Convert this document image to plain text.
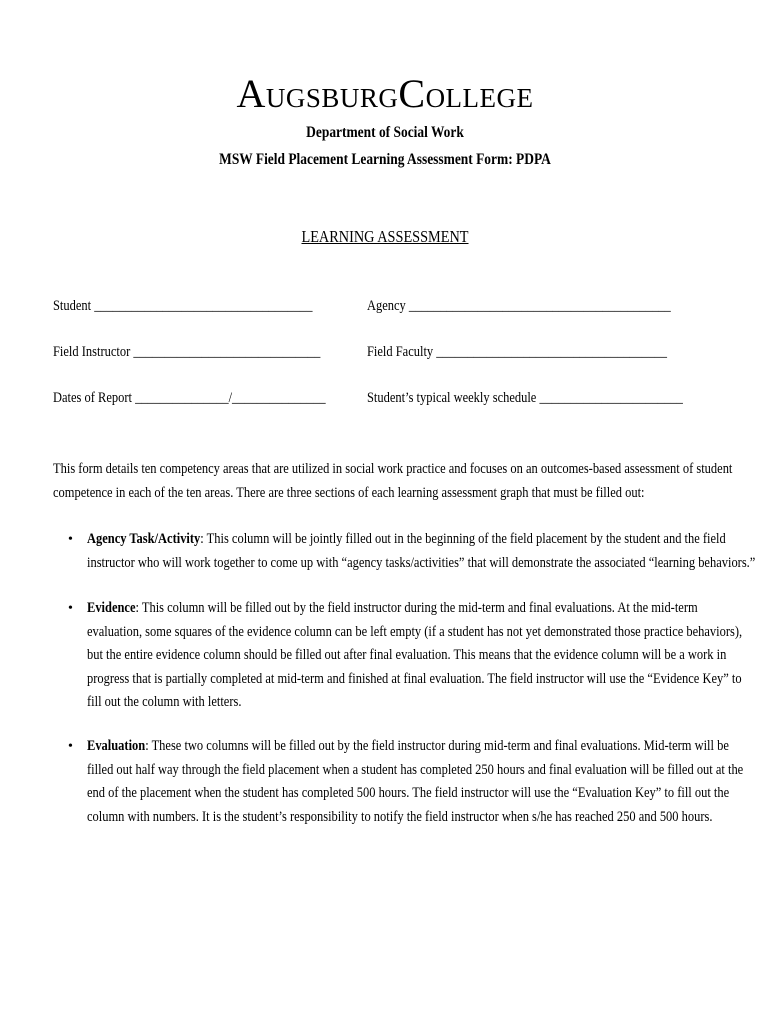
AUGSBURGCOLLEGE
Department of Social Work
MSW Field Placement Learning Assessment Form: PDPA
LEARNING ASSESSMENT
Student ___________________________________	Agency __________________________________________
Field Instructor ______________________________	Field Faculty _____________________________________
Dates of Report _______________/_______________	Student’s typical weekly schedule _______________________

This form details ten competency areas that are utilized in social work practice and focuses on an outcomes-based assessment of student

competence in each of the ten areas. There are three sections of each learning assessment graph that must be filled out:

• Agency Task/Activity: This column will be jointly filled out in the beginning of the field placement by the student and the field

instructor who will work together to come up with “agency tasks/activities” that will demonstrate the associated “learning behaviors.”

• Evidence: This column will be filled out by the field instructor during the mid-term and final evaluations. At the mid-term

evaluation, some squares of the evidence column can be left empty (if a student has not yet demonstrated those practice behaviors),

but the entire evidence column should be filled out after final evaluation. This means that the evidence column will be a work in

progress that is partially completed at mid-term and finished at final evaluation. The field instructor will use the “Evidence Key” to

fill out the column with letters.

• Evaluation: These two columns will be filled out by the field instructor during mid-term and final evaluations. Mid-term will be

filled out half way through the field placement when a student has completed 250 hours and final evaluation will be filled out at the

end of the placement when the student has completed 500 hours. The field instructor will use the “Evaluation Key” to fill out the

column with numbers. It is the student’s responsibility to notify the field instructor when s/he has reached 250 and 500 hours.
